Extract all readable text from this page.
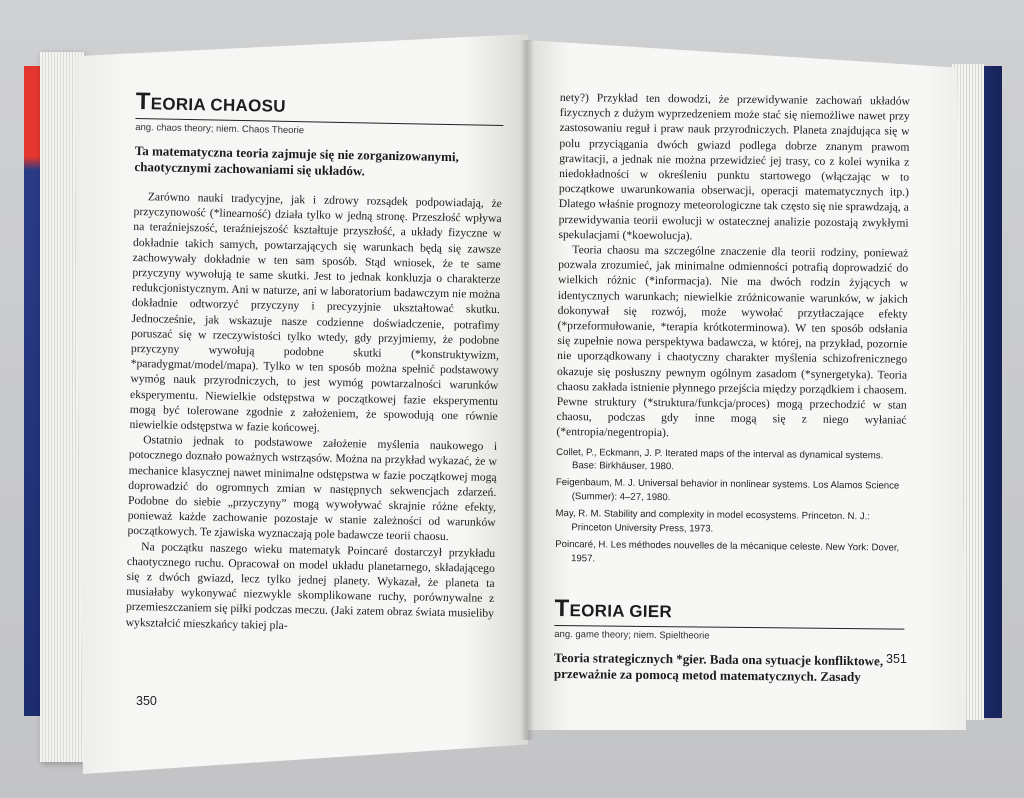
TEORIA CHAOSU

ang. chaos theory; niem. Chaos Theorie

Ta matematyczna teoria zajmuje się nie zorganizowanymi, chaotycznymi zachowaniami się układów.

Zarówno nauki tradycyjne, jak i zdrowy rozsądek podpowiadają, że przyczynowość (*linearność) działa tylko w jedną stronę. Przeszłość wpływa na teraźniejszość, teraźniejszość kształtuje przyszłość, a układy fizyczne w dokładnie takich samych, powtarzających się warunkach będą się zawsze zachowywały dokładnie w ten sam sposób. Stąd wniosek, że te same przyczyny wywołują te same skutki. Jest to jednak konkluzja o charakterze redukcjonistycznym. Ani w naturze, ani w laboratorium badawczym nie można dokładnie odtworzyć przyczyny i precyzyjnie ukształtować skutku. Jednocześnie, jak wskazuje nasze codzienne doświadczenie, potrafimy poruszać się w rzeczywistości tylko wtedy, gdy przyjmiemy, że podobne przyczyny wywołują podobne skutki (*konstruktywizm, *paradygmat/model/mapa). Tylko w ten sposób można spełnić podstawowy wymóg nauk przyrodniczych, to jest wymóg powtarzalności warunków eksperymentu. Niewielkie odstępstwa w początkowej fazie eksperymentu mogą być tolerowane zgodnie z założeniem, że spowodują one równie niewielkie odstępstwa w fazie końcowej.

Ostatnio jednak to podstawowe założenie myślenia naukowego i potocznego doznało poważnych wstrząsów. Można na przykład wykazać, że w mechanice klasycznej nawet minimalne odstępstwa w fazie początkowej mogą doprowadzić do ogromnych zmian w następnych sekwencjach zdarzeń. Podobne do siebie „przyczyny” mogą wywoływać skrajnie różne efekty, ponieważ każde zachowanie pozostaje w stanie zależności od warunków początkowych. Te zjawiska wyznaczają pole badawcze teorii chaosu.

Na początku naszego wieku matematyk Poincaré dostarczył przykładu chaotycznego ruchu. Opracował on model układu planetarnego, składającego się z dwóch gwiazd, lecz tylko jednej planety. Wykazał, że planeta ta musiałaby wykonywać niezwykle skomplikowane ruchy, porównywalne z przemieszczaniem się piłki podczas meczu. (Jaki zatem obraz świata musieliby wykształcić mieszkańcy takiej pla-

350

nety?) Przykład ten dowodzi, że przewidywanie zachowań układów fizycznych z dużym wyprzedzeniem może stać się niemożliwe nawet przy zastosowaniu reguł i praw nauk przyrodniczych. Planeta znajdująca się w polu przyciągania dwóch gwiazd podlega dobrze znanym prawom grawitacji, a jednak nie można przewidzieć jej trasy, co z kolei wynika z niedokładności w określeniu punktu startowego (włączając w to początkowe uwarunkowania obserwacji, operacji matematycznych itp.) Dlatego właśnie prognozy meteorologiczne tak często się nie sprawdzają, a przewidywania teorii ewolucji w ostatecznej analizie pozostają zwykłymi spekulacjami (*koewolucja).

Teoria chaosu ma szczególne znaczenie dla teorii rodziny, ponieważ pozwala zrozumieć, jak minimalne odmienności potrafią doprowadzić do wielkich różnic (*informacja). Nie ma dwóch rodzin żyjących w identycznych warunkach; niewielkie zróżnicowanie warunków, w jakich dokonywał się rozwój, może wywołać przytłaczające efekty (*przeformułowanie, *terapia krótkoterminowa). W ten sposób odsłania się zupełnie nowa perspektywa badawcza, w której, na przykład, pozornie nie uporządkowany i chaotyczny charakter myślenia schizofrenicznego okazuje się posłuszny pewnym ogólnym zasadom (*synergetyka). Teoria chaosu zakłada istnienie płynnego przejścia między porządkiem i chaosem. Pewne struktury (*struktura/funkcja/proces) mogą przechodzić w stan chaosu, podczas gdy inne mogą się z niego wyłaniać (*entropia/negentropia).

Collet, P., Eckmann, J. P. Iterated maps of the interval as dynamical systems. Base: Birkhäuser, 1980.

Feigenbaum, M. J. Universal behavior in nonlinear systems. Los Alamos Science (Summer): 4–27, 1980.

May, R. M. Stability and complexity in model ecosystems. Princeton. N. J.: Princeton University Press, 1973.

Poincaré, H. Les méthodes nouvelles de la mécanique celeste. New York: Dover, 1957.

TEORIA GIER

ang. game theory; niem. Spieltheorie

Teoria strategicznych *gier. Bada ona sytuacje konfliktowe, przeważnie za pomocą metod matematycznych. Zasady

351
